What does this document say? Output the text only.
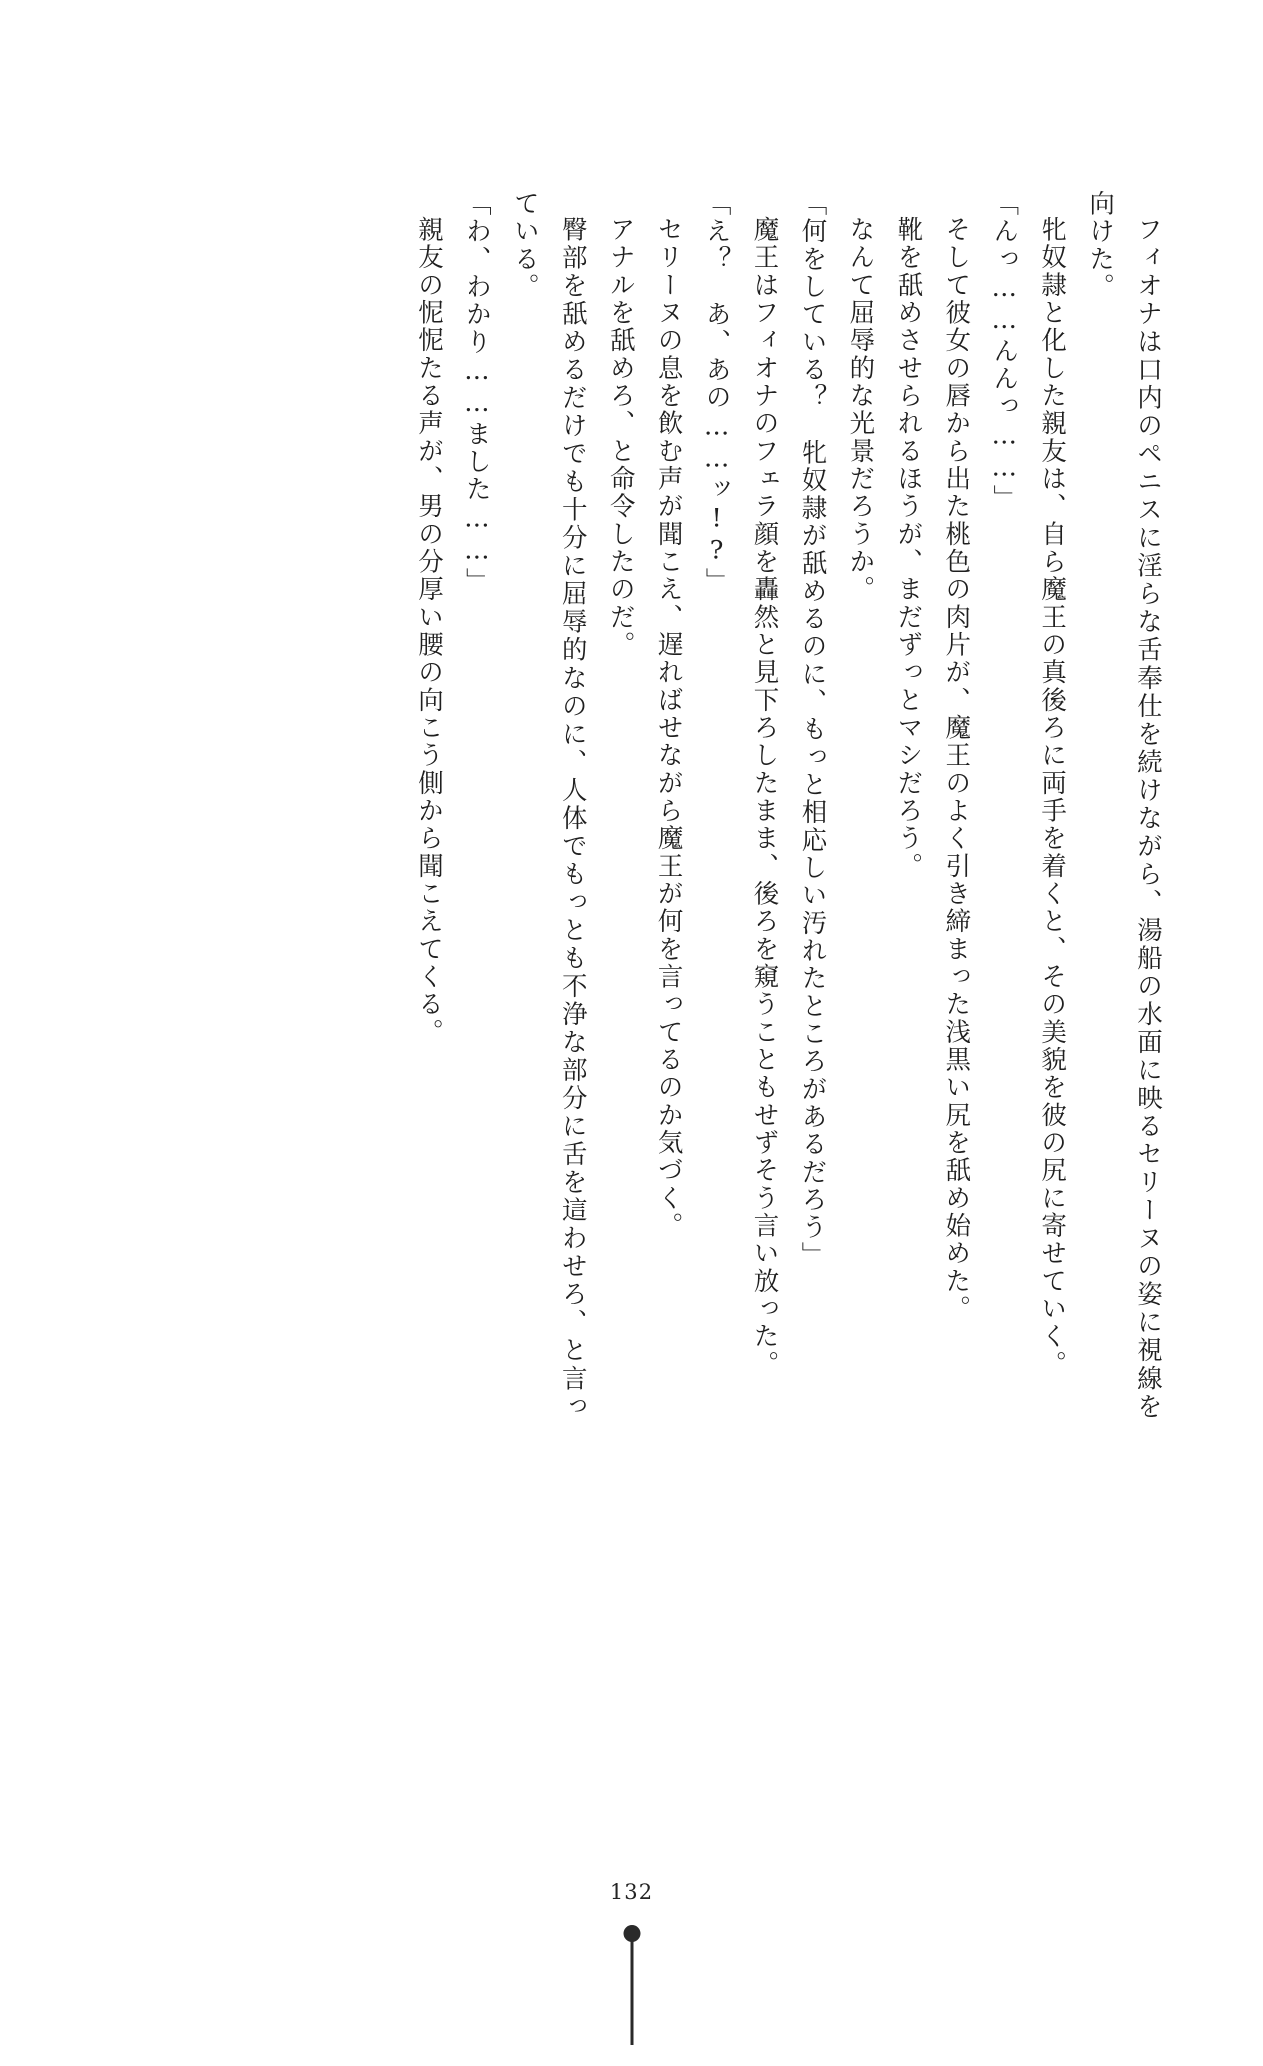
フィオナは口内のペニスに淫らな舌奉仕を続けながら、湯船の水面に映るセリーヌの姿に視線を向けた。

牝奴隷と化した親友は、自ら魔王の真後ろに両手を着くと、その美貌を彼の尻に寄せていく。

「んっ……んんっ……」

そして彼女の唇から出た桃色の肉片が、魔王のよく引き締まった浅黒い尻を舐め始めた。

靴を舐めさせられるほうが、まだずっとマシだろう。

なんて屈辱的な光景だろうか。

「何をしている？　牝奴隷が舐めるのに、もっと相応しい汚れたところがあるだろう」

魔王はフィオナのフェラ顔を轟然と見下ろしたまま、後ろを窺うこともせずそう言い放った。

「え？　あ、あの……ッ!?」

セリーヌの息を飲む声が聞こえ、遅ればせながら魔王が何を言ってるのか気づく。

アナルを舐めろ、と命令したのだ。

臀部を舐めるだけでも十分に屈辱的なのに、人体でもっとも不浄な部分に舌を這わせろ、と言っている。

「わ、わかり……ました……」

親友の怩怩たる声が、男の分厚い腰の向こう側から聞こえてくる。

132
